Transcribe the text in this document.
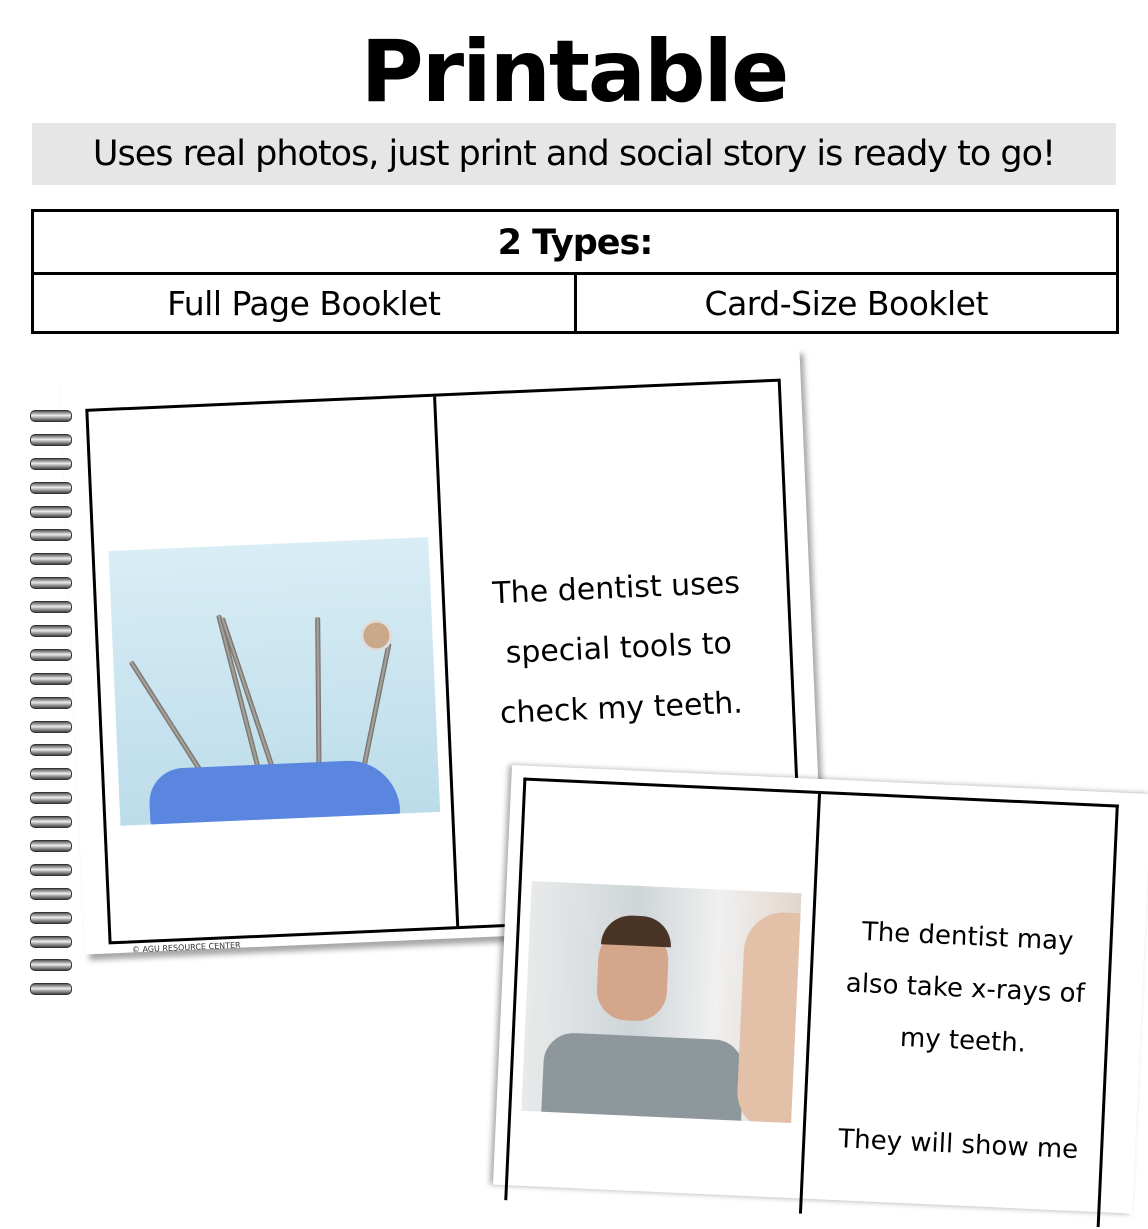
Printable
Uses real photos, just print and social story is ready to go!
2 Types:
Full Page Booklet	Card-Size Booklet
The dentist uses
special tools to
check my teeth.
© AGU RESOURCE CENTER	The dentist may
also take x-rays of
my teeth.
They will show me
